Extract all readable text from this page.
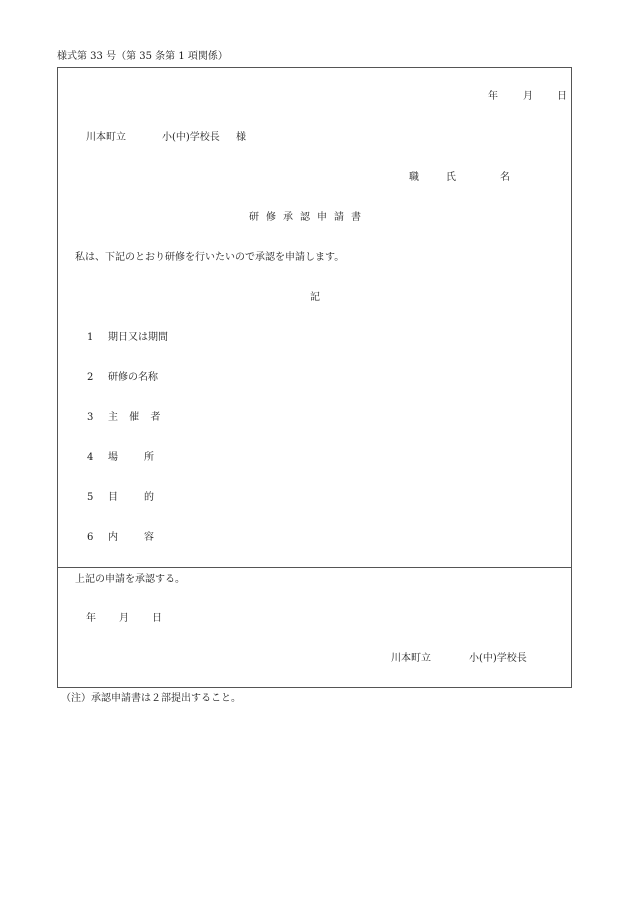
様式第 33 号（第 35 条第 1 項関係）
年	月 日
川本町立	小(中)学校長 様
職	氏	名
研修承認申請書
私は、下記のとおり研修を行いたいので承認を申請します。
記
1 期日又は期間
2 研修の名称
3 主 催 者
4 場　　所
5 目　　的
6 内　　容
上記の申請を承認する。
年 月 日
川本町立	小(中)学校長
（注）承認申請書は２部提出すること。
